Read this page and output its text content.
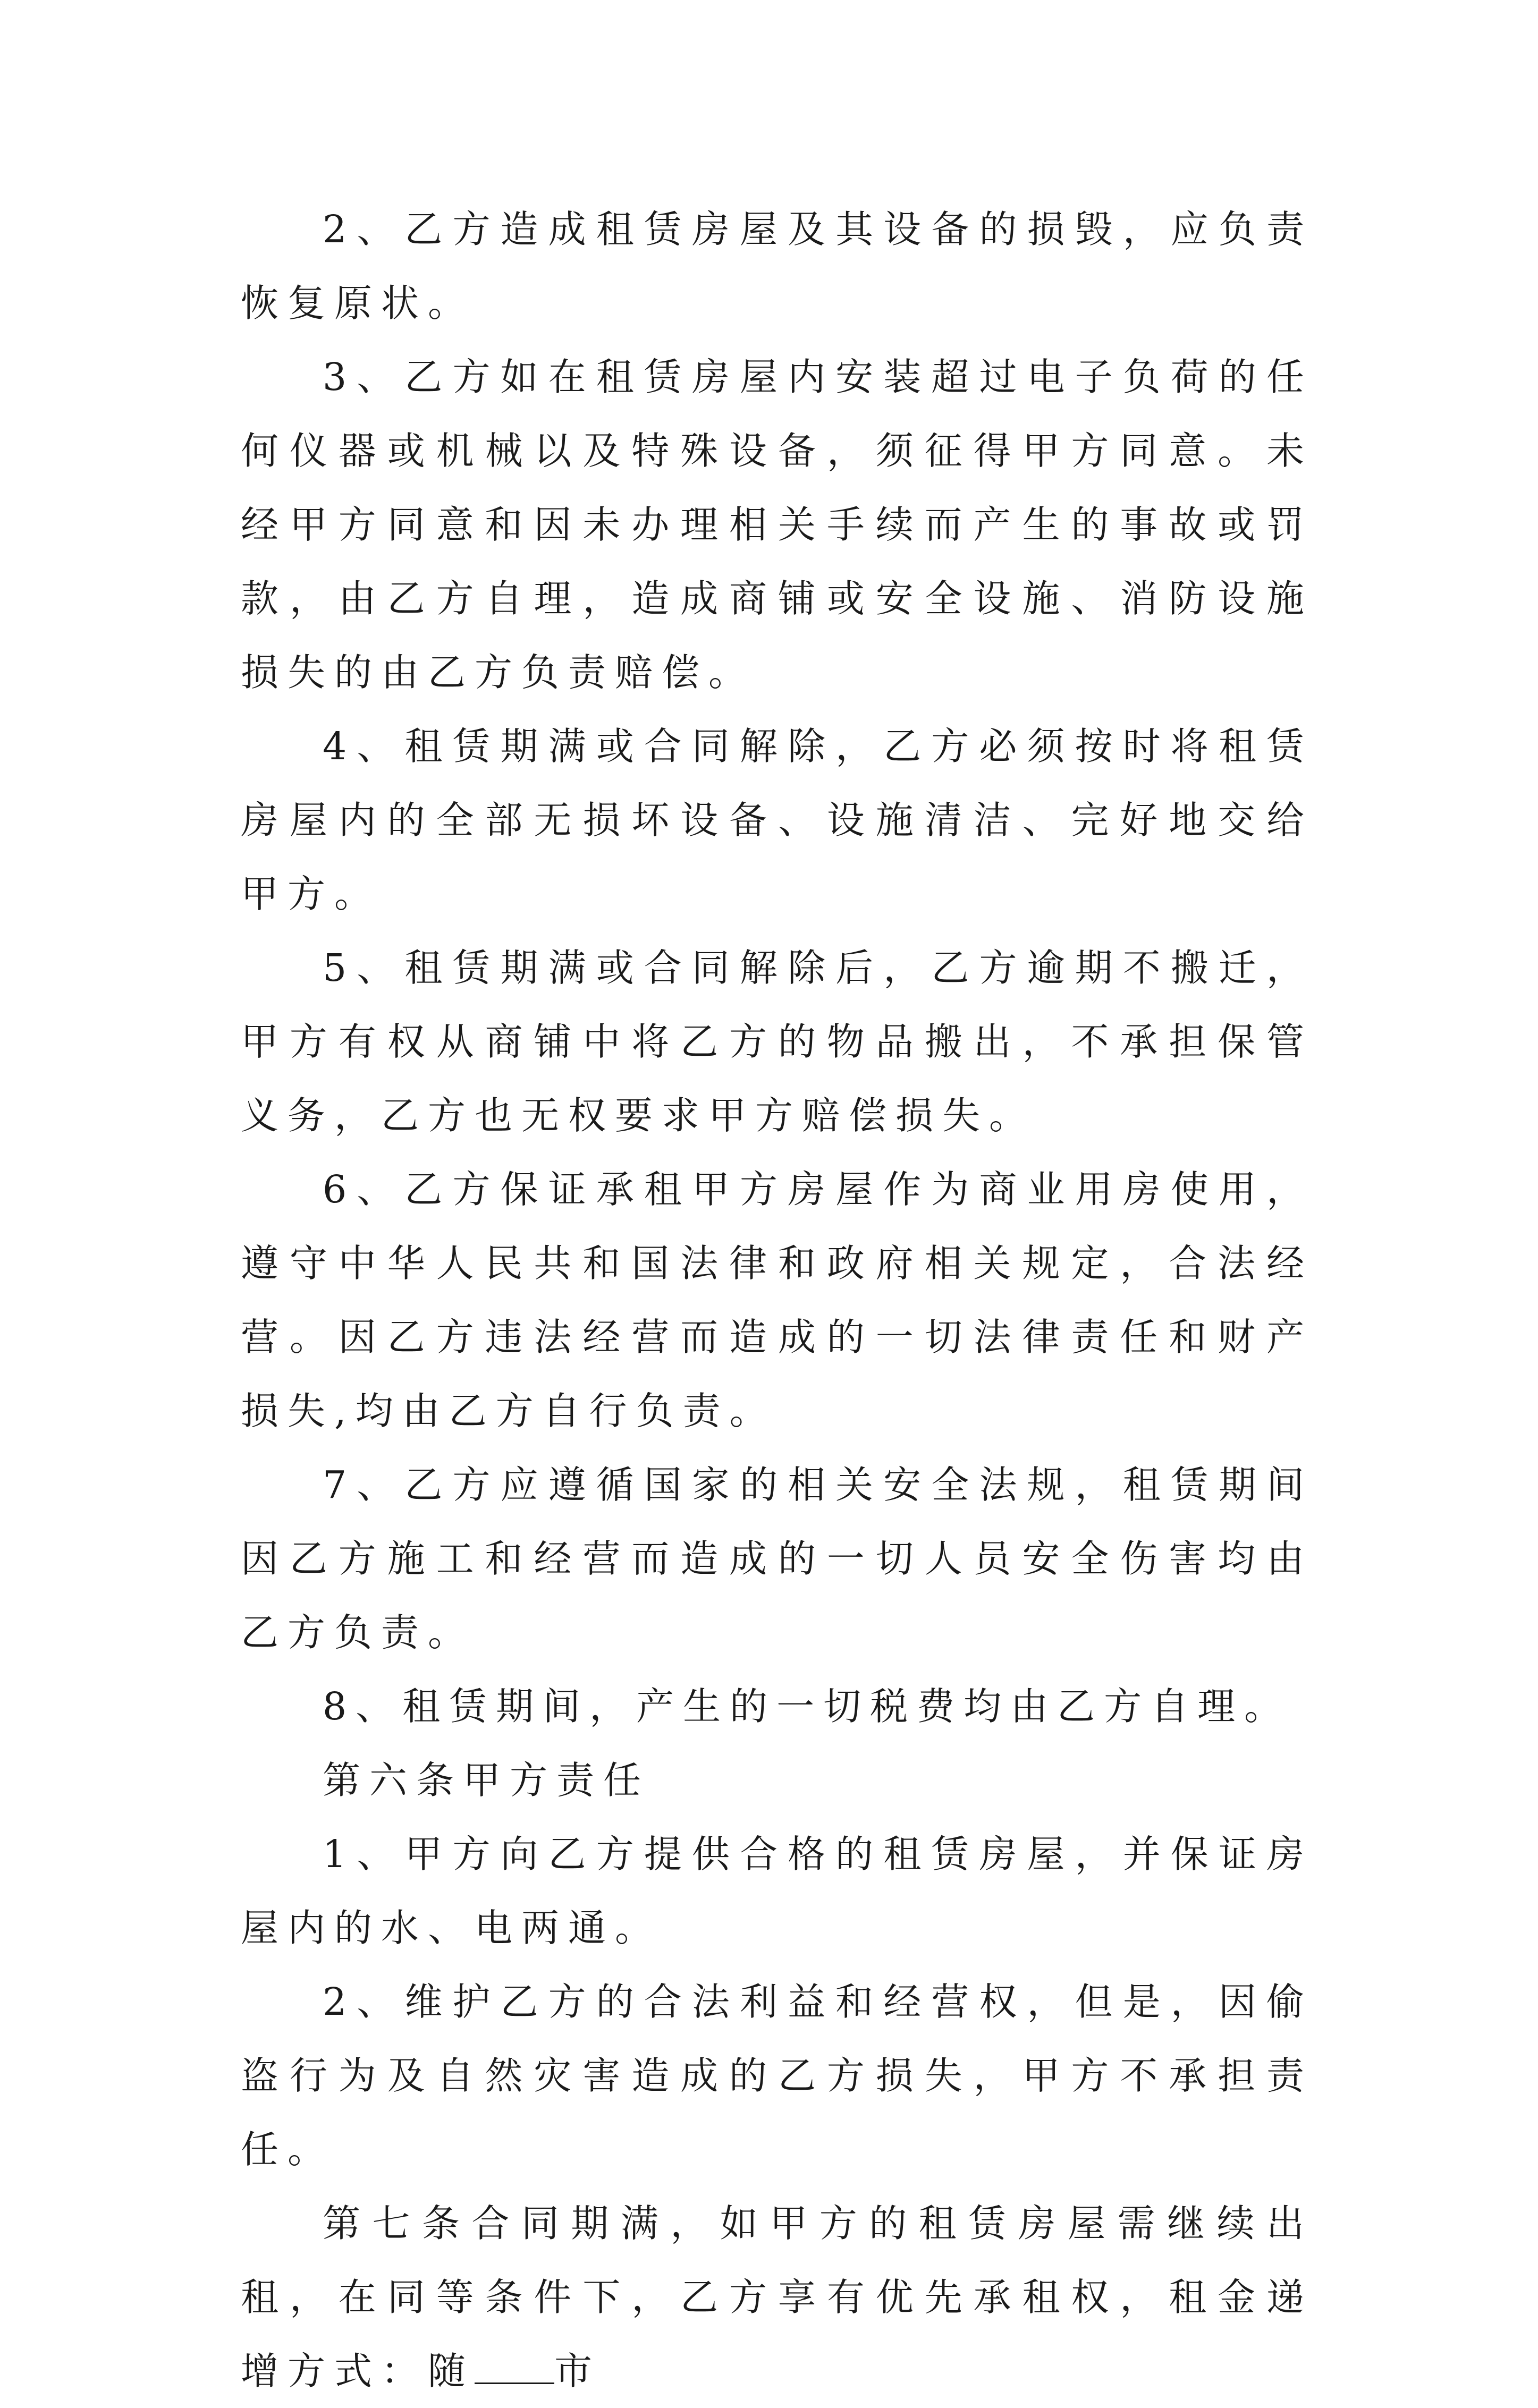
2、乙方造成租赁房屋及其设备的损毁，应负责恢复原状。

3、乙方如在租赁房屋内安装超过电子负荷的任何仪器或机械以及特殊设备，须征得甲方同意。未经甲方同意和因未办理相关手续而产生的事故或罚款，由乙方自理，造成商铺或安全设施、消防设施损失的由乙方负责赔偿。

4、租赁期满或合同解除，乙方必须按时将租赁房屋内的全部无损坏设备、设施清洁、完好地交给甲方。

5、租赁期满或合同解除后，乙方逾期不搬迁，甲方有权从商铺中将乙方的物品搬出，不承担保管义务，乙方也无权要求甲方赔偿损失。

6、乙方保证承租甲方房屋作为商业用房使用，遵守中华人民共和国法律和政府相关规定，合法经营。因乙方违法经营而造成的一切法律责任和财产损失,均由乙方自行负责。

7、乙方应遵循国家的相关安全法规，租赁期间因乙方施工和经营而造成的一切人员安全伤害均由乙方负责。

8、租赁期间，产生的一切税费均由乙方自理。

第六条甲方责任

1、甲方向乙方提供合格的租赁房屋，并保证房屋内的水、电两通。

2、维护乙方的合法利益和经营权，但是，因偷盗行为及自然灾害造成的乙方损失，甲方不承担责任。

第七条合同期满，如甲方的租赁房屋需继续出租，在同等条件下，乙方享有优先承租权，租金递增方式：随 市
